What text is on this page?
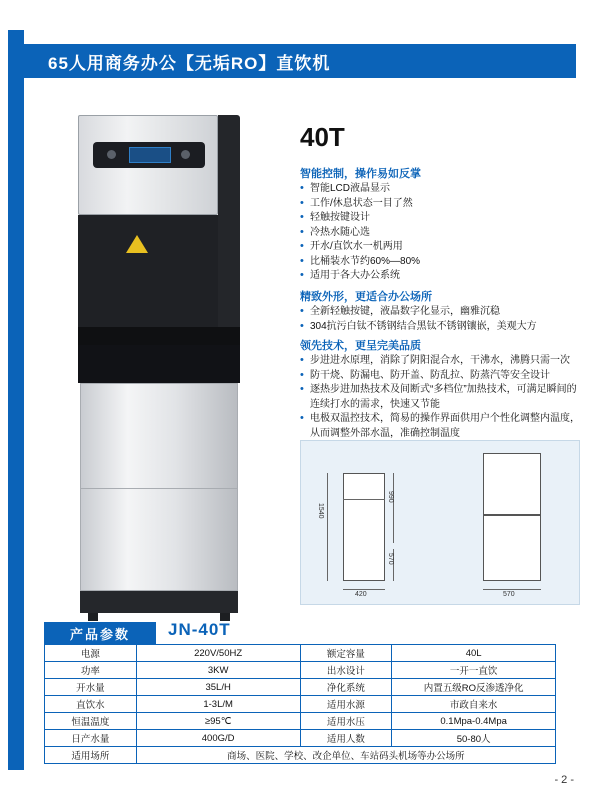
65人用商务办公【无垢RO】直饮机
40T
智能控制，操作易如反掌
• 智能LCD液晶显示
• 工作/休息状态一目了然
• 轻触按键设计
• 冷热水随心选
• 开水/直饮水一机两用
• 比桶装水节约60%—80%
• 适用于各大办公系统
精致外形，更适合办公场所
• 全新轻触按键，液晶数字化显示，幽雅沉稳
• 304抗污白钛不锈钢结合黑钛不锈钢镶嵌，美观大方
领先技术，更呈完美品质
• 步进进水原理，消除了阴阳混合水，干沸水，沸腾只需一次
• 防干烧、防漏电、防开盖、防乱拉、防蒸汽等安全设计
• 逐热步进加热技术及间断式“多档位”加热技术，可满足瞬间的连续打水的需求，快速又节能
• 电极双温控技术，简易的操作界面供用户个性化调整内温度，从而调整外部水温，准确控制温度
1540
990
570
420	570
产品参数	JN-40T
电源	220V/50HZ	额定容量	40L
功率	3KW	出水设计	一开一直饮
开水量	35L/H	净化系统	内置五级RO反渗透净化
直饮水	1-3L/M	适用水源	市政自来水
恒温温度	≥95℃	适用水压	0.1Mpa-0.4Mpa
日产水量	400G/D	适用人数	50-80人
适用场所	商场、医院、学校、改企单位、车站码头机场等办公场所		
- 2 -
